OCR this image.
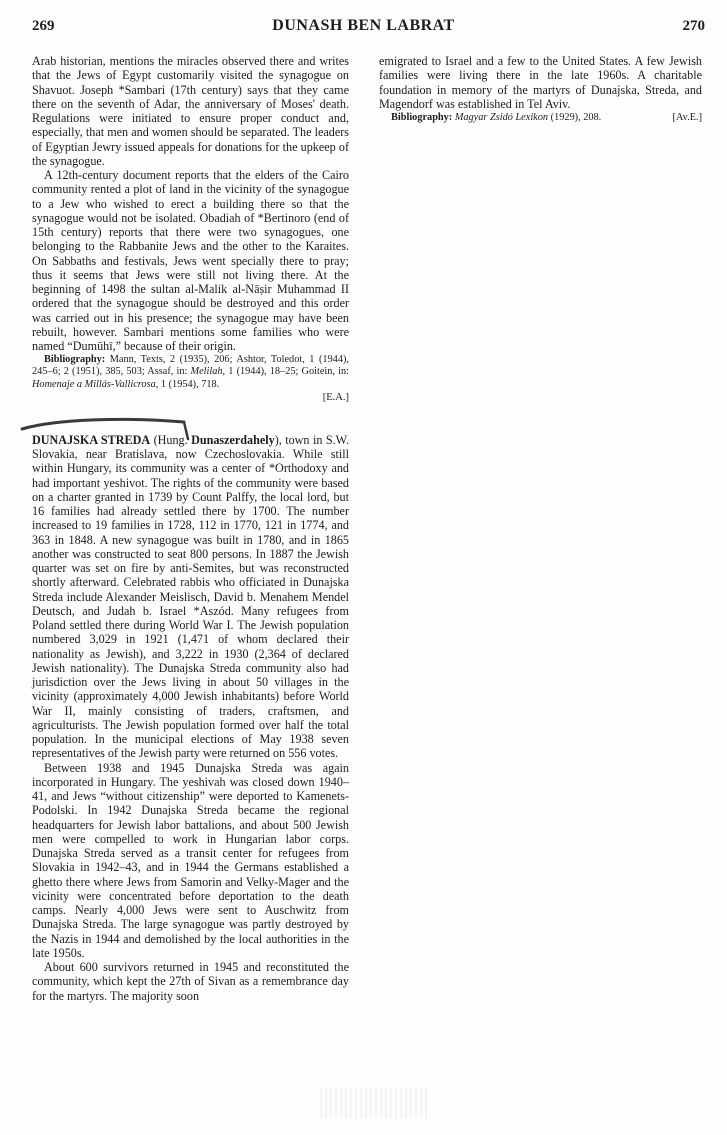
269	DUNASH BEN LABRAT	270

Arab historian, mentions the miracles observed there and writes that the Jews of Egypt customarily visited the synagogue on Shavuot. Joseph *Sambari (17th century) says that they came there on the seventh of Adar, the anniversary of Moses' death. Regulations were initiated to ensure proper conduct and, especially, that men and women should be separated. The leaders of Egyptian Jewry issued appeals for donations for the upkeep of the synagogue.

A 12th-century document reports that the elders of the Cairo community rented a plot of land in the vicinity of the synagogue to a Jew who wished to erect a building there so that the synagogue would not be isolated. Obadiah of *Bertinoro (end of 15th century) reports that there were two synagogues, one belonging to the Rabbanite Jews and the other to the Karaites. On Sabbaths and festivals, Jews went specially there to pray; thus it seems that Jews were still not living there. At the beginning of 1498 the sultan al-Malik al-Nāṣir Muhammad II ordered that the synagogue should be destroyed and this order was carried out in his presence; the synagogue may have been rebuilt, however. Sambari mentions some families who were named “Dumūhī,” because of their origin.

Bibliography: Mann, Texts, 2 (1935), 206; Ashtor, Toledot, 1 (1944), 245–6; 2 (1951), 385, 503; Assaf, in: Melilah, 1 (1944), 18–25; Goitein, in: Homenaje a Millás-Vallicrosa, 1 (1954), 718.

[E.A.]

DUNAJSKA STREDA (Hung. Dunaszerdahely), town in S.W. Slovakia, near Bratislava, now Czechoslovakia. While still within Hungary, its community was a center of *Orthodoxy and had important yeshivot. The rights of the community were based on a charter granted in 1739 by Count Palffy, the local lord, but 16 families had already settled there by 1700. The number increased to 19 families in 1728, 112 in 1770, 121 in 1774, and 363 in 1848. A new synagogue was built in 1780, and in 1865 another was constructed to seat 800 persons. In 1887 the Jewish quarter was set on fire by anti-Semites, but was reconstructed shortly afterward. Celebrated rabbis who officiated in Dunajska Streda include Alexander Meislisch, David b. Menahem Mendel Deutsch, and Judah b. Israel *Aszód. Many refugees from Poland settled there during World War I. The Jewish population numbered 3,029 in 1921 (1,471 of whom declared their nationality as Jewish), and 3,222 in 1930 (2,364 of declared Jewish nationality). The Dunajska Streda community also had jurisdiction over the Jews living in about 50 villages in the vicinity (approximately 4,000 Jewish inhabitants) before World War II, mainly consisting of traders, craftsmen, and agriculturists. The Jewish population formed over half the total population. In the municipal elections of May 1938 seven representatives of the Jewish party were returned on 556 votes.

Between 1938 and 1945 Dunajska Streda was again incorporated in Hungary. The yeshivah was closed down 1940–41, and Jews “without citizenship” were deported to Kamenets-Podolski. In 1942 Dunajska Streda became the regional headquarters for Jewish labor battalions, and about 500 Jewish men were compelled to work in Hungarian labor corps. Dunajska Streda served as a transit center for refugees from Slovakia in 1942–43, and in 1944 the Germans established a ghetto there where Jews from Samorin and Velky-Mager and the vicinity were concentrated before deportation to the death camps. Nearly 4,000 Jews were sent to Auschwitz from Dunajska Streda. The large synagogue was partly destroyed by the Nazis in 1944 and demolished by the local authorities in the late 1950s.

About 600 survivors returned in 1945 and reconstituted the community, which kept the 27th of Sivan as a remembrance day for the martyrs. The majority soon

emigrated to Israel and a few to the United States. A few Jewish families were living there in the late 1960s. A charitable foundation in memory of the martyrs of Dunajska, Streda, and Magendorf was established in Tel Aviv.

Bibliography: Magyar Zsidó Lexikon (1929), 208.	[Av.E.]
